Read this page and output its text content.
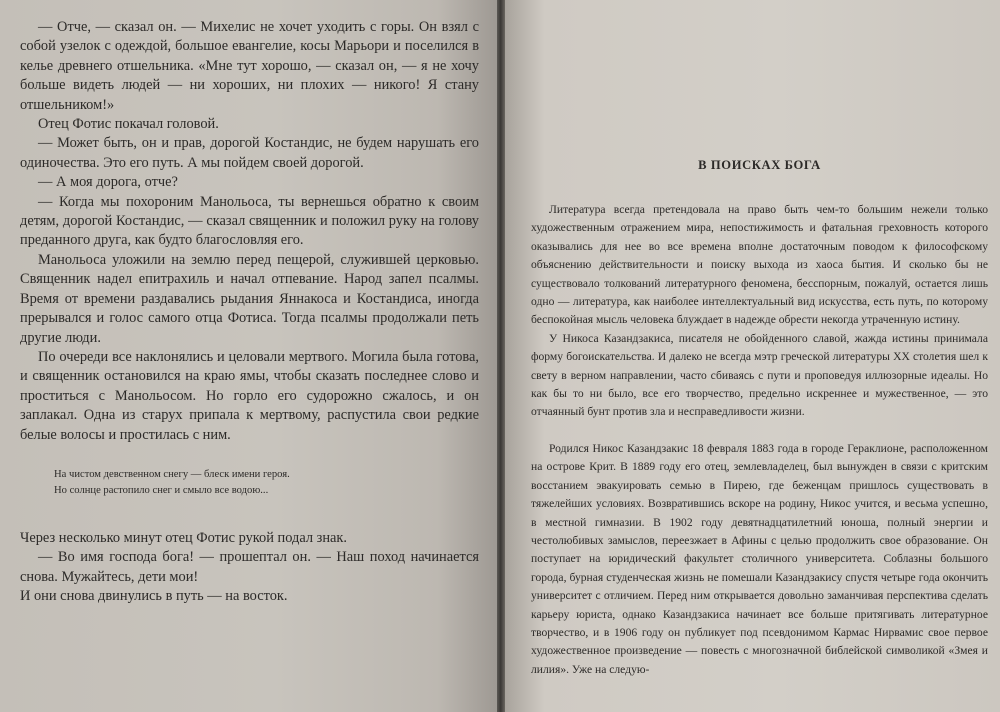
— Отче, — сказал он. — Михелис не хочет уходить с горы. Он взял с собой узелок с одеждой, большое евангелие, косы Марьори и поселился в келье древнего отшельника. «Мне тут хорошо, — сказал он, — я не хочу больше видеть людей — ни хороших, ни плохих — никого! Я стану отшельником!»

Отец Фотис покачал головой.

— Может быть, он и прав, дорогой Костандис, не будем нарушать его одиночества. Это его путь. А мы пойдем своей дорогой.

— А моя дорога, отче?

— Когда мы похороним Манольоса, ты вернешься обратно к своим детям, дорогой Костандис, — сказал священник и положил руку на голову преданного друга, как будто благословляя его.

Манольоса уложили на землю перед пещерой, служившей церковью. Священник надел епитрахиль и начал отпевание. Народ запел псалмы. Время от времени раздавались рыдания Яннакоса и Костандиса, иногда прерывался и голос самого отца Фотиса. Тогда псалмы продолжали петь другие люди.

По очереди все наклонялись и целовали мертвого. Могила была готова, и священник остановился на краю ямы, чтобы сказать последнее слово и проститься с Манольосом. Но горло его судорожно сжалось, и он заплакал. Одна из старух припала к мертвому, распустила свои редкие белые волосы и простилась с ним.

На чистом девственном снегу — блеск имени героя.
Но солнце растопило снег и смыло все водою...

Через несколько минут отец Фотис рукой подал знак.

— Во имя господа бога! — прошептал он. — Наш поход начинается снова. Мужайтесь, дети мои!

И они снова двинулись в путь — на восток.

В ПОИСКАХ БОГА

Литература всегда претендовала на право быть чем-то большим нежели только художественным отражением мира, непостижимость и фатальная греховность которого оказывались для нее во все времена вполне достаточным поводом к философскому объяснению действительности и поиску выхода из хаоса бытия. И сколько бы не существовало толкований литературного феномена, бесспорным, пожалуй, остается лишь одно — литература, как наиболее интеллектуальный вид искусства, есть путь, по которому беспокойная мысль человека блуждает в надежде обрести некогда утраченную истину.

У Никоса Казандзакиса, писателя не обойденного славой, жажда истины принимала форму богоискательства. И далеко не всегда мэтр греческой литературы XX столетия шел к свету в верном направлении, часто сбиваясь с пути и проповедуя иллюзорные идеалы. Но как бы то ни было, все его творчество, предельно искреннее и мужественное, — это отчаянный бунт против зла и несправедливости жизни.

Родился Никос Казандзакис 18 февраля 1883 года в городе Гераклионе, расположенном на острове Крит. В 1889 году его отец, землевладелец, был вынужден в связи с критским восстанием эвакуировать семью в Пирею, где беженцам пришлось существовать в тяжелейших условиях. Возвратившись вскоре на родину, Никос учится, и весьма успешно, в местной гимназии. В 1902 году девятнадцатилетний юноша, полный энергии и честолюбивых замыслов, переезжает в Афины с целью продолжить свое образование. Он поступает на юридический факультет столичного университета. Соблазны большого города, бурная студенческая жизнь не помешали Казандзакису спустя четыре года окончить университет с отличием. Перед ним открывается довольно заманчивая перспектива сделать карьеру юриста, однако Казандзакиса начинает все больше притягивать литературное творчество, и в 1906 году он публикует под псевдонимом Кармас Нирвамис свое первое художественное произведение — повесть с многозначной библейской символикой «Змея и лилия». Уже на следую-
